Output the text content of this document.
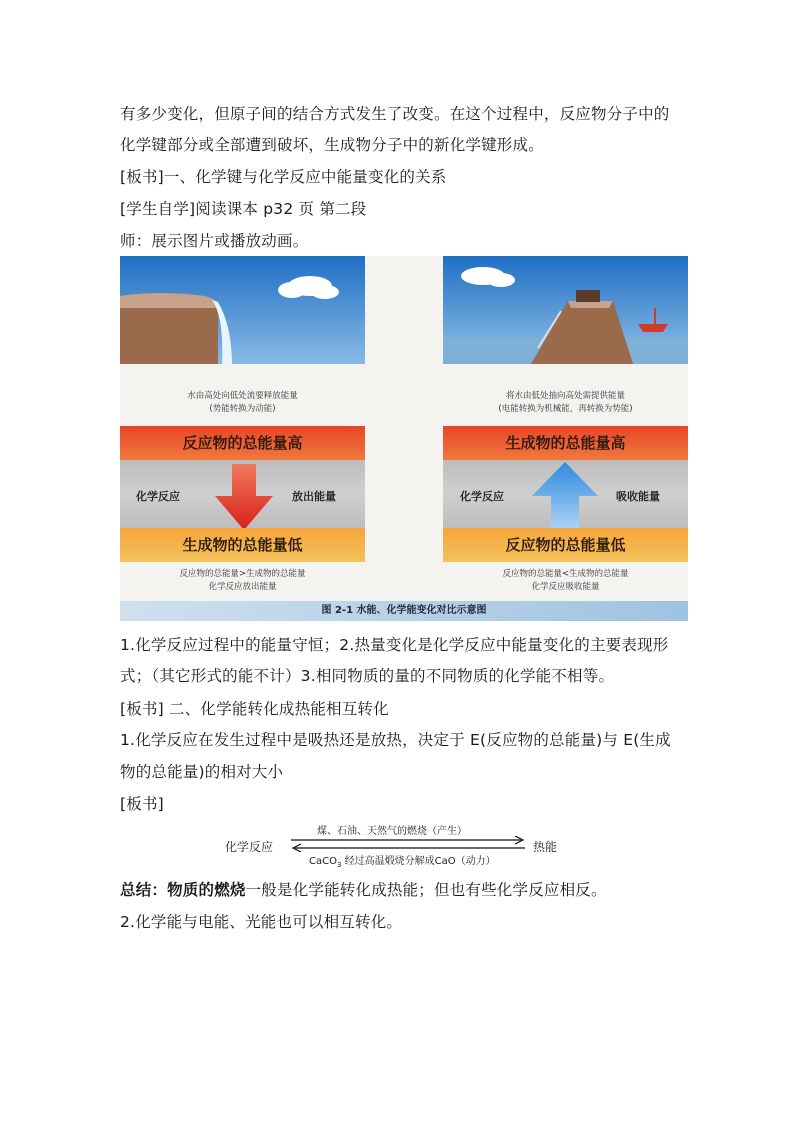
有多少变化，但原子间的结合方式发生了改变。在这个过程中，反应物分子中的
化学键部分或全部遭到破坏，生成物分子中的新化学键形成。
[板书]一、化学键与化学反应中能量变化的关系
[学生自学]阅读课本 p32 页 第二段
师：展示图片或播放动画。
水由高处向低处流要释放能量
(势能转换为动能)
将水由低处抽向高处需提供能量
(电能转换为机械能，再转换为势能)
反应物的总能量高
化学反应	放出能量
生成物的总能量低
反应物的总能量>生成物的总能量
化学反应放出能量
生成物的总能量高
化学反应	吸收能量
反应物的总能量低
反应物的总能量<生成物的总能量
化学反应吸收能量
图 2-1 水能、化学能变化对比示意图
1.化学反应过程中的能量守恒；2.热量变化是化学反应中能量变化的主要表现形
式；（其它形式的能不计）3.相同物质的量的不同物质的化学能不相等。
[板书] 二、化学能转化成热能相互转化
1.化学反应在发生过程中是吸热还是放热，决定于 E(反应物的总能量)与 E(生成
物的总能量)的相对大小
[板书]
化学反应
煤、石油、天然气的燃烧（产生）
CaCO$_3$ 经过高温煅烧分解成CaO（动力）
热能
总结：物质的燃烧一般是化学能转化成热能；但也有些化学反应相反。
2.化学能与电能、光能也可以相互转化。
